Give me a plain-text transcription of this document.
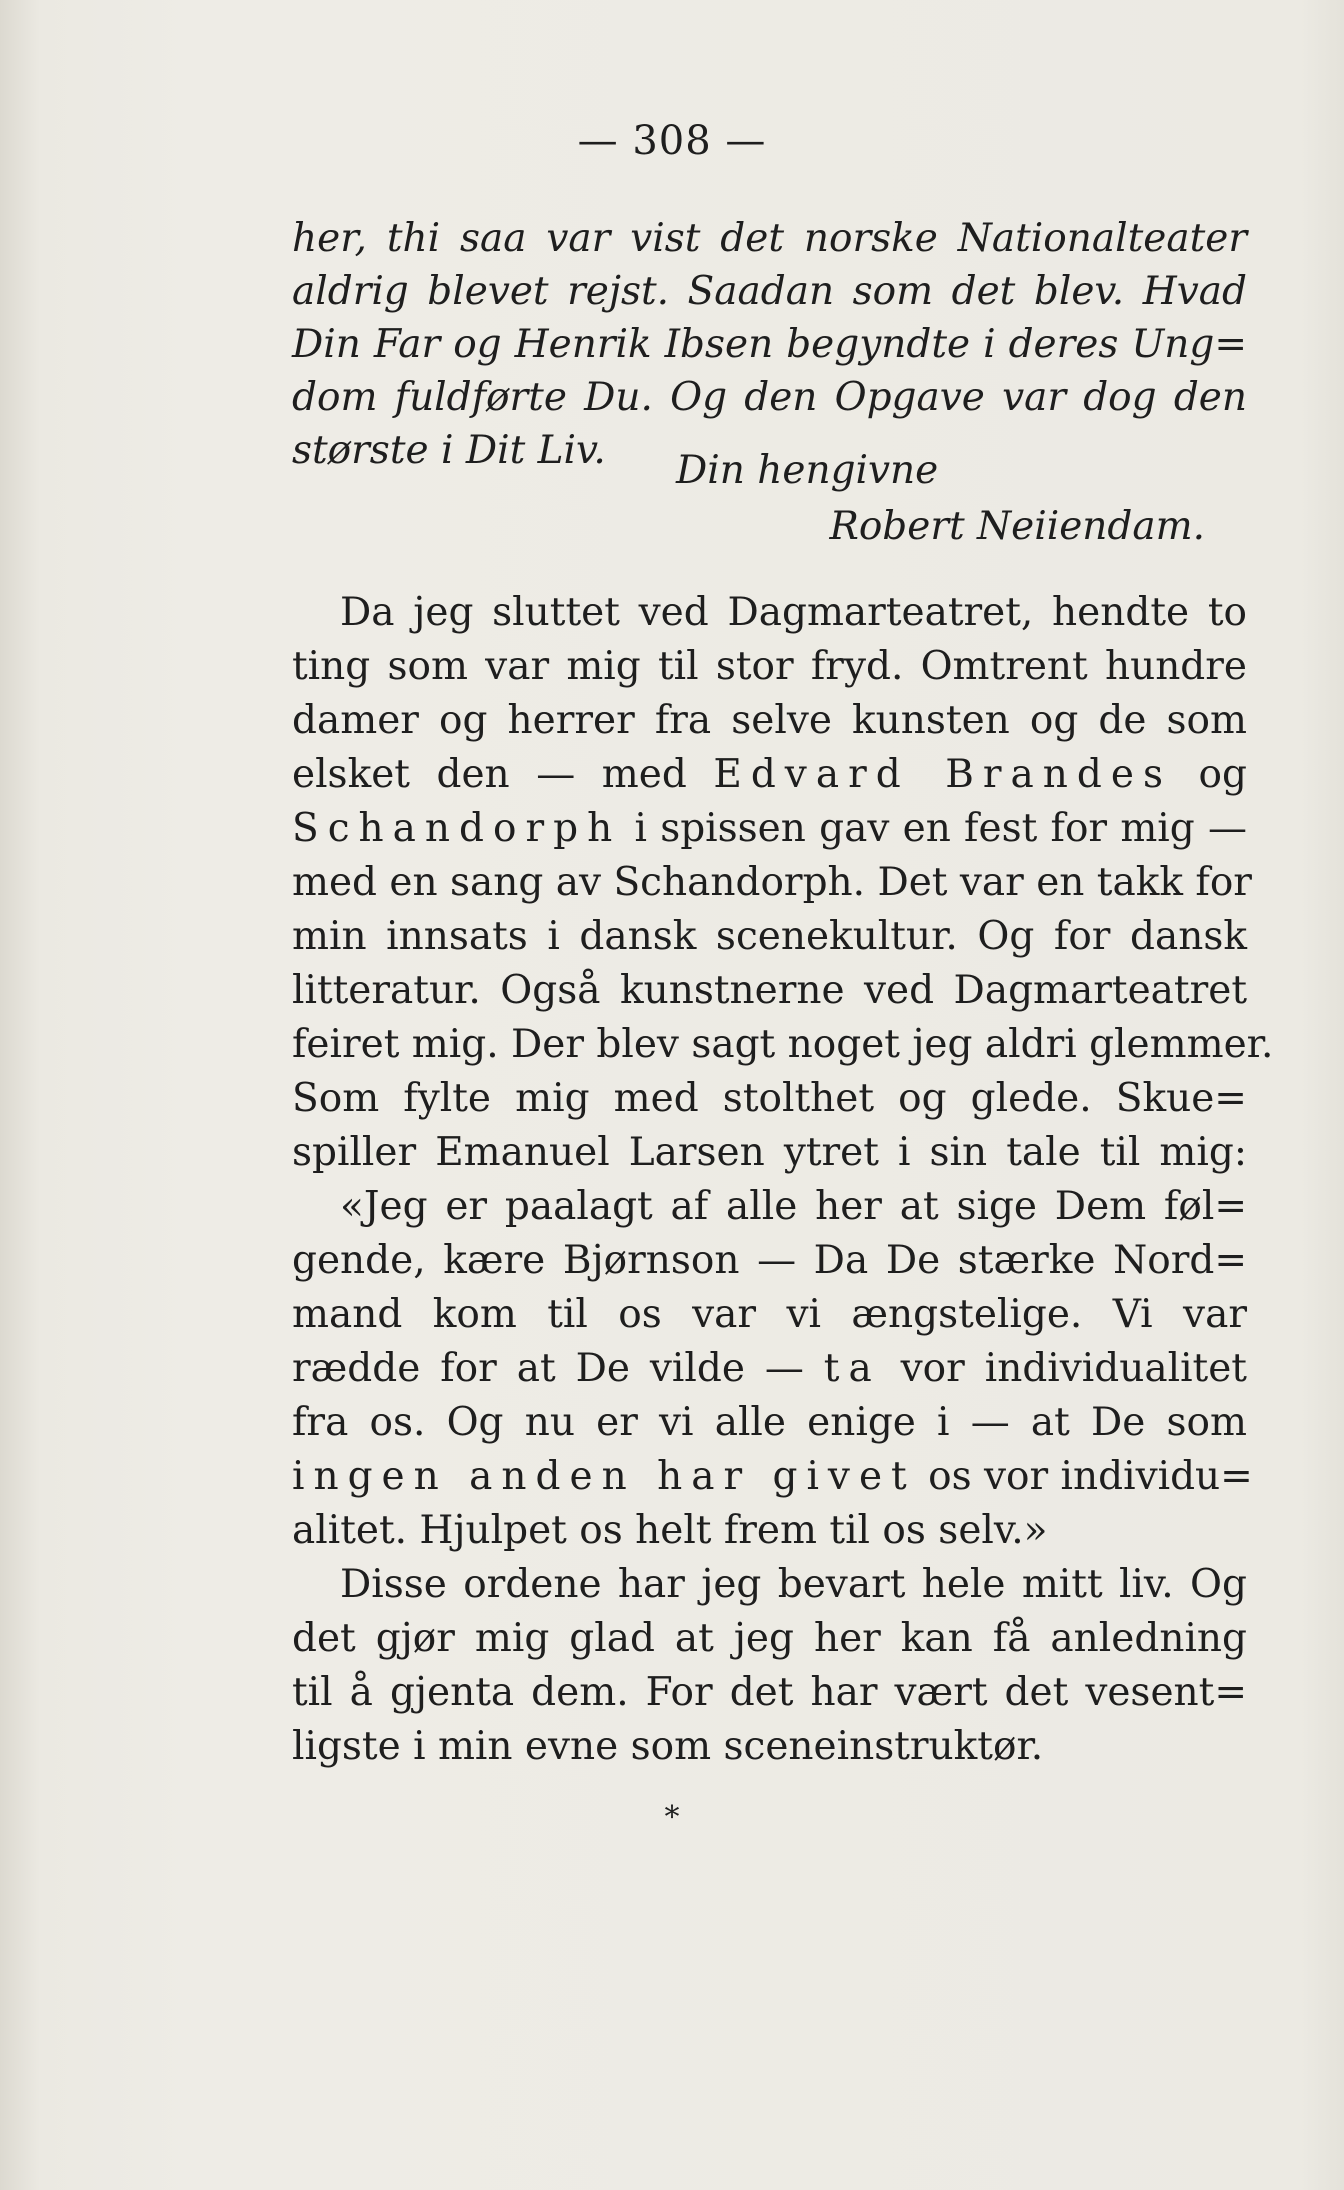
— 308 —
her, thi saa var vist det norske Nationalteater
aldrig blevet rejst. Saadan som det blev. Hvad
Din Far og Henrik Ibsen begyndte i deres Ung=
dom fuldførte Du. Og den Opgave var dog den
største i Dit Liv.	Din hengivne
Robert Neiiendam.
Da jeg sluttet ved Dagmarteatret, hendte to
ting som var mig til stor fryd. Omtrent hundre
damer og herrer fra selve kunsten og de som
elsket den — med Edvard Brandes og
Schandorph i spissen gav en fest for mig —
med en sang av Schandorph. Det var en takk for
min innsats i dansk scenekultur. Og for dansk
litteratur. Også kunstnerne ved Dagmarteatret
feiret mig. Der blev sagt noget jeg aldri glemmer.
Som fylte mig med stolthet og glede. Skue=
spiller Emanuel Larsen ytret i sin tale til mig:
«Jeg er paalagt af alle her at sige Dem føl=
gende, kære Bjørnson — Da De stærke Nord=
mand kom til os var vi ængstelige. Vi var
rædde for at De vilde — ta vor individualitet
fra os. Og nu er vi alle enige i — at De som
ingen anden har givet os vor individu=
alitet. Hjulpet os helt frem til os selv.»
Disse ordene har jeg bevart hele mitt liv. Og
det gjør mig glad at jeg her kan få anledning
til å gjenta dem. For det har vært det vesent=
ligste i min evne som sceneinstruktør.
*
